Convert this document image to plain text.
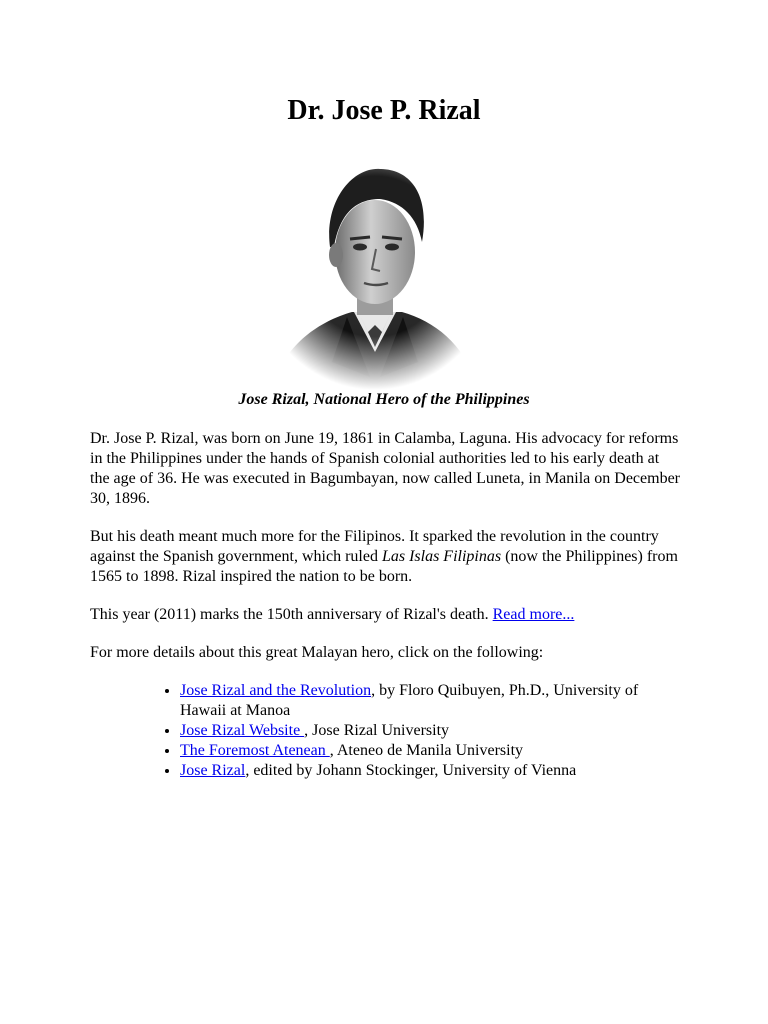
Dr. Jose P. Rizal

Jose Rizal, National Hero of the Philippines

Dr. Jose P. Rizal, was born on June 19, 1861 in Calamba, Laguna. His advocacy for reforms in the Philippines under the hands of Spanish colonial authorities led to his early death at the age of 36. He was executed in Bagumbayan, now called Luneta, in Manila on December 30, 1896.

But his death meant much more for the Filipinos. It sparked the revolution in the country against the Spanish government, which ruled Las Islas Filipinas (now the Philippines) from 1565 to 1898. Rizal inspired the nation to be born.

This year (2011) marks the 150th anniversary of Rizal's death. Read more...

For more details about this great Malayan hero, click on the following:

• Jose Rizal and the Revolution, by Floro Quibuyen, Ph.D., University of Hawaii at Manoa
• Jose Rizal Website , Jose Rizal University
• The Foremost Atenean , Ateneo de Manila University
• Jose Rizal, edited by Johann Stockinger, University of Vienna
